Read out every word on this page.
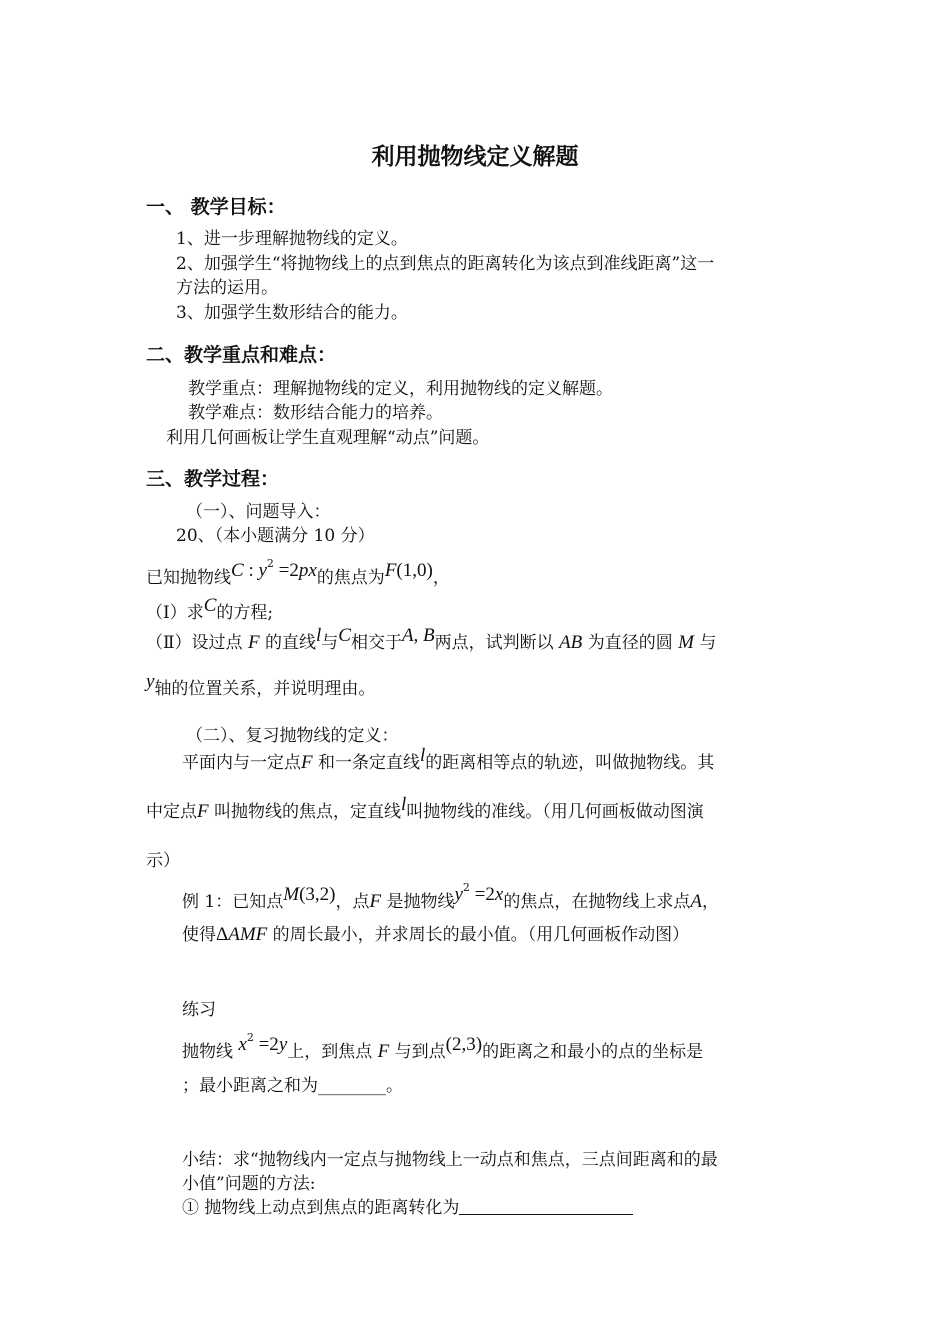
利用抛物线定义解题
一、 教学目标：
1、进一步理解抛物线的定义。
2、加强学生“将抛物线上的点到焦点的距离转化为该点到准线距离”这一
方法的运用。
3、加强学生数形结合的能力。
二、教学重点和难点：
教学重点：理解抛物线的定义，利用抛物线的定义解题。
教学难点：数形结合能力的培养。
利用几何画板让学生直观理解“动点”问题。
三、教学过程：
（一）、问题导入：
20、（本小题满分 10 分）
已知抛物线C : $y^2 =2px$的焦点为F(1,0)，
（Ⅰ）求C的方程;
（Ⅱ）设过点 F 的直线l与C相交于A, B两点，试判断以 AB 为直径的圆 M 与
y轴的位置关系，并说明理由。
（二）、复习抛物线的定义：
平面内与一定点F 和一条定直线l的距离相等点的轨迹，叫做抛物线。其
中定点F 叫抛物线的焦点，定直线l叫抛物线的准线。（用几何画板做动图演
示）
例 1：已知点M(3,2)，点F 是抛物线$y^2 =2x$的焦点，在抛物线上求点A，
使得ΔAMF 的周长最小，并求周长的最小值。（用几何画板作动图）
练习
抛物线 $x^2 =2y$上，到焦点 F 与到点(2,3)的距离之和最小的点的坐标是
；最小距离之和为________。
小结：求“抛物线内一定点与抛物线上一动点和焦点，三点间距离和的最
小值”问题的方法:
① 抛物线上动点到焦点的距离转化为
